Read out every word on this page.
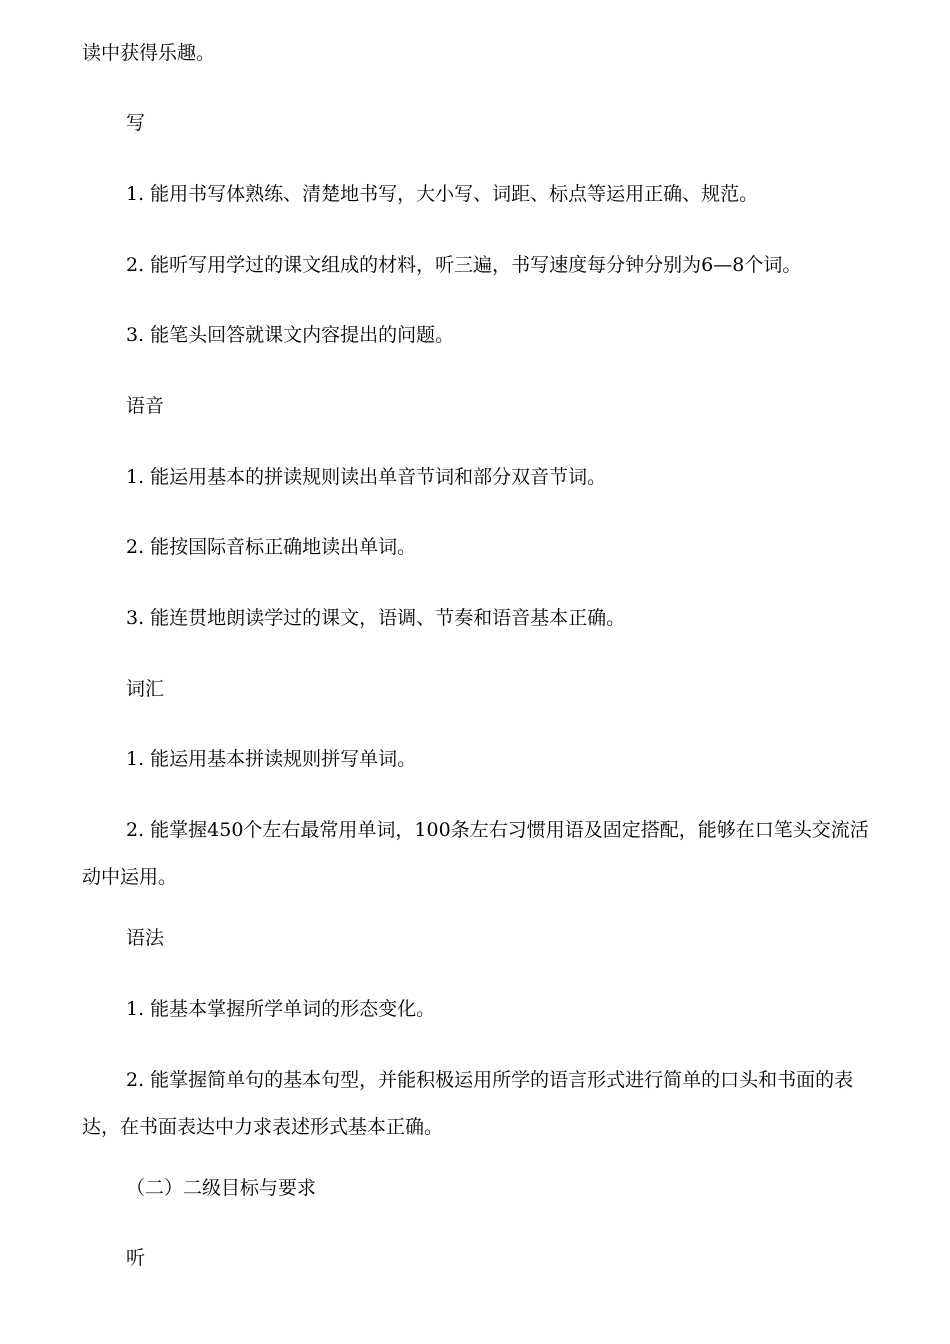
读中获得乐趣。
写
1. 能用书写体熟练、清楚地书写，大小写、词距、标点等运用正确、规范。
2. 能听写用学过的课文组成的材料，听三遍，书写速度每分钟分别为6—8个词。
3. 能笔头回答就课文内容提出的问题。
语音
1. 能运用基本的拼读规则读出单音节词和部分双音节词。
2. 能按国际音标正确地读出单词。
3. 能连贯地朗读学过的课文，语调、节奏和语音基本正确。
词汇
1. 能运用基本拼读规则拼写单词。
2. 能掌握450个左右最常用单词，100条左右习惯用语及固定搭配，能够在口笔头交流活动中运用。
语法
1. 能基本掌握所学单词的形态变化。
2. 能掌握简单句的基本句型，并能积极运用所学的语言形式进行简单的口头和书面的表达，在书面表达中力求表述形式基本正确。
（二）二级目标与要求
听
